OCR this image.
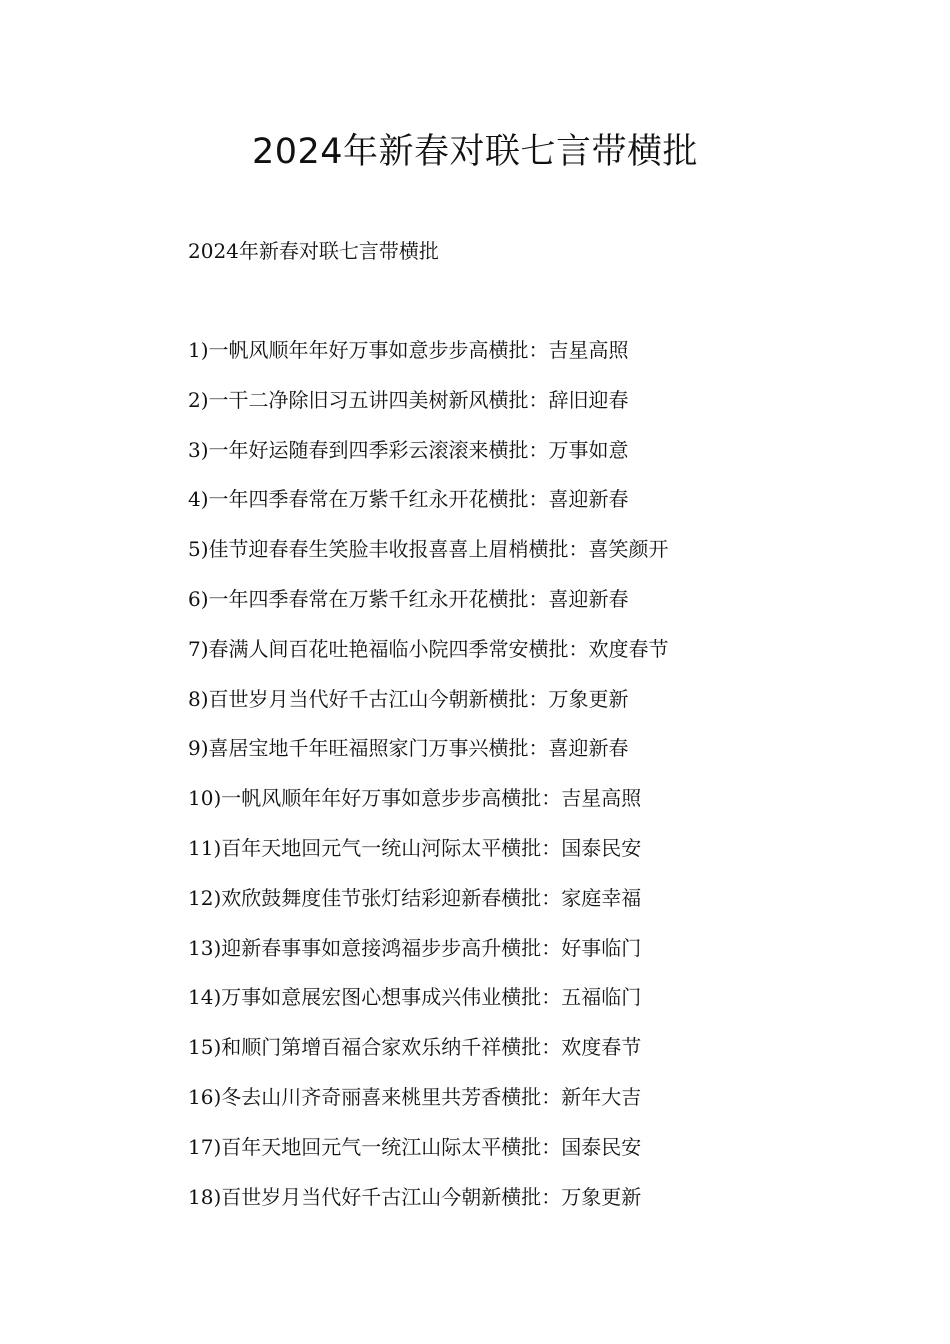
2024年新春对联七言带横批

2024年新春对联七言带横批

1)一帆风顺年年好万事如意步步高横批：吉星高照
2)一干二净除旧习五讲四美树新风横批：辞旧迎春
3)一年好运随春到四季彩云滚滚来横批：万事如意
4)一年四季春常在万紫千红永开花横批：喜迎新春
5)佳节迎春春生笑脸丰收报喜喜上眉梢横批：喜笑颜开
6)一年四季春常在万紫千红永开花横批：喜迎新春
7)春满人间百花吐艳福临小院四季常安横批：欢度春节
8)百世岁月当代好千古江山今朝新横批：万象更新
9)喜居宝地千年旺福照家门万事兴横批：喜迎新春
10)一帆风顺年年好万事如意步步高横批：吉星高照
11)百年天地回元气一统山河际太平横批：国泰民安
12)欢欣鼓舞度佳节张灯结彩迎新春横批：家庭幸福
13)迎新春事事如意接鸿福步步高升横批：好事临门
14)万事如意展宏图心想事成兴伟业横批：五福临门
15)和顺门第增百福合家欢乐纳千祥横批：欢度春节
16)冬去山川齐奇丽喜来桃里共芳香横批：新年大吉
17)百年天地回元气一统江山际太平横批：国泰民安
18)百世岁月当代好千古江山今朝新横批：万象更新
